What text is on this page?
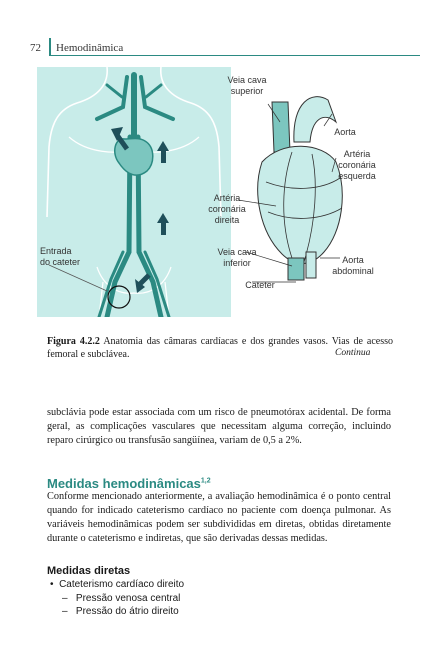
72 Hemodinâmica
Veia cava
superior
Aorta
Artéria
coronária
esquerda
Artéria
coronária
direita
Veia cava
inferior	Aorta
abdominal
Cateter
Entrada
do cateter
Figura 4.2.2 Anatomia das câmaras cardíacas e dos grandes vasos. Vias de acesso femoral e subclávea.	Continua
subclávia pode estar associada com um risco de pneumotórax acidental. De forma geral, as complicações vasculares que necessitam alguma correção, incluindo reparo cirúrgico ou transfusão sangüínea, variam de 0,5 a 2%.
Medidas hemodinâmicas$^{1,2}$
Conforme mencionado anteriormente, a avaliação hemodinâmica é o ponto central quando for indicado cateterismo cardíaco no paciente com doença pulmonar. As variáveis hemodinâmicas podem ser subdivididas em diretas, obtidas diretamente durante o cateterismo e indiretas, que são derivadas dessas medidas.
Medidas diretas
•  Cateterismo cardíaco direito
–   Pressão venosa central
–   Pressão do átrio direito
